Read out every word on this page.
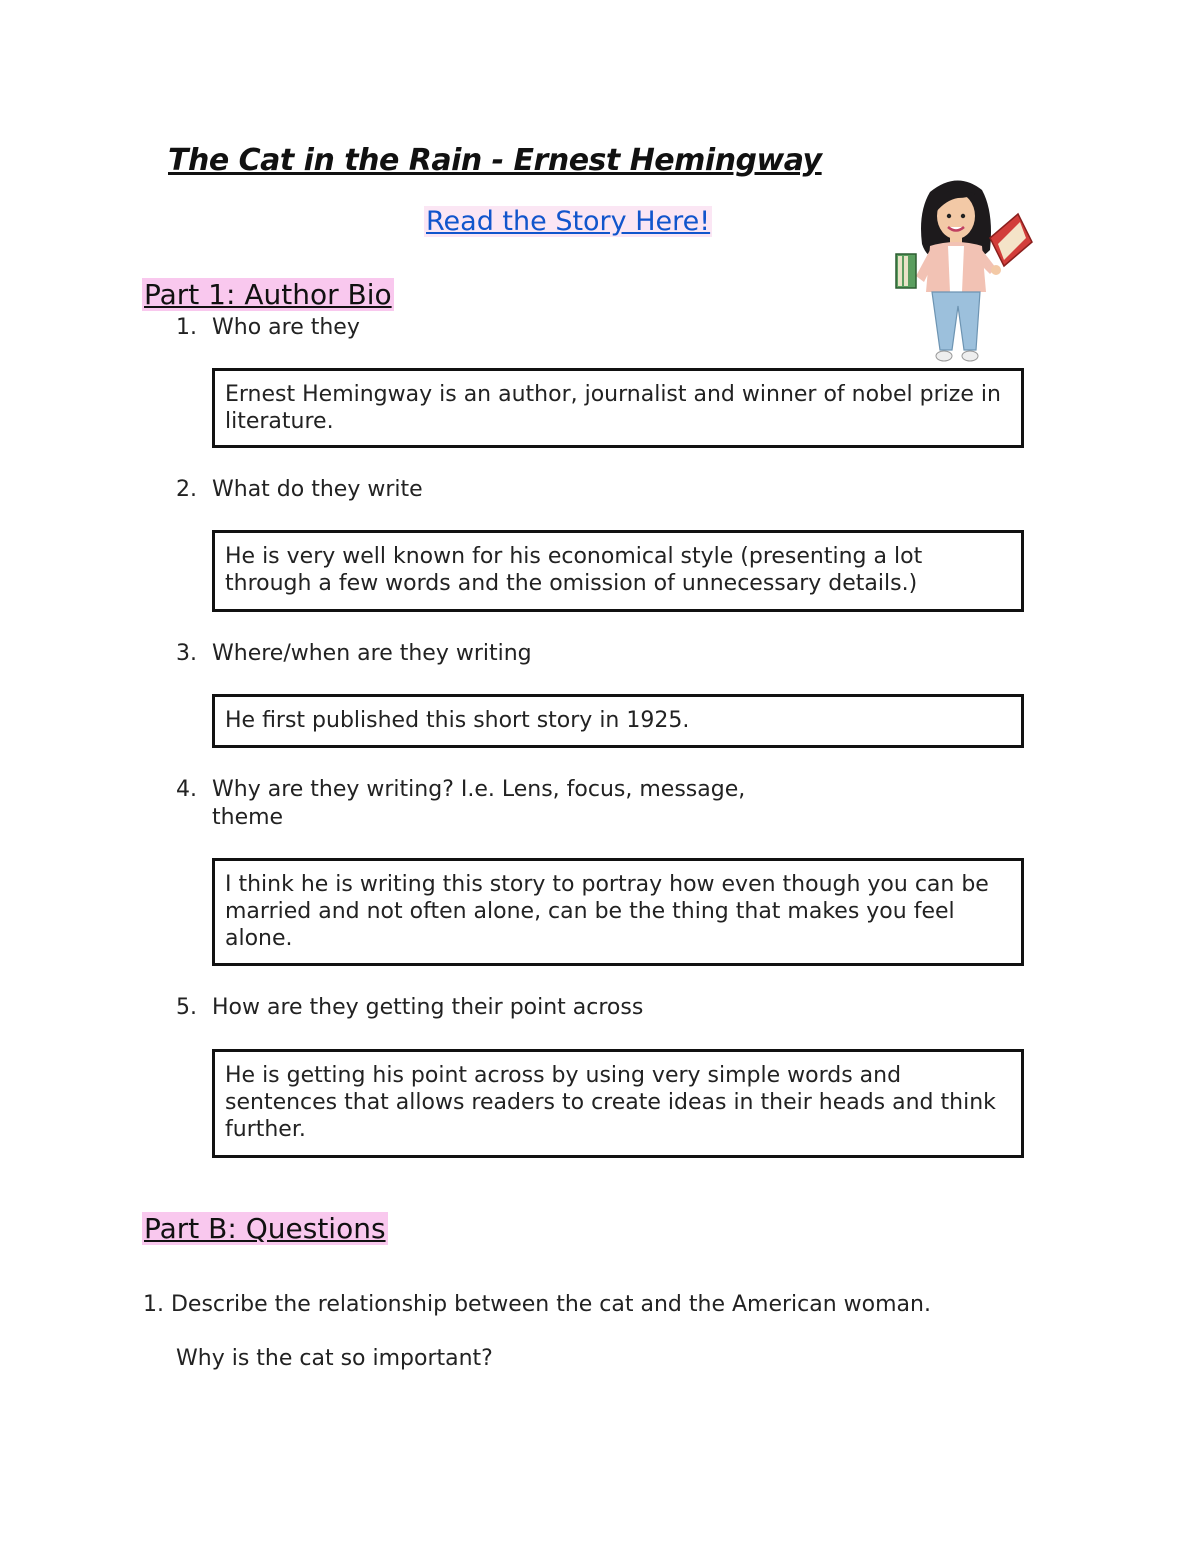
The Cat in the Rain - Ernest Hemingway
Read the Story Here!
Part 1: Author Bio
1. Who are they
Ernest Hemingway is an author, journalist and winner of nobel prize in literature.
2. What do they write
He is very well known for his economical style (presenting a lot through a few words and the omission of unnecessary details.)
3. Where/when are they writing
He first published this short story in 1925.
4. Why are they writing? I.e. Lens, focus, message,
theme
I think he is writing this story to portray how even though you can be married and not often alone, can be the thing that makes you feel alone.
5. How are they getting their point across
He is getting his point across by using very simple words and sentences that allows readers to create ideas in their heads and think further.
Part B: Questions
1. Describe the relationship between the cat and the American woman.
Why is the cat so important?
